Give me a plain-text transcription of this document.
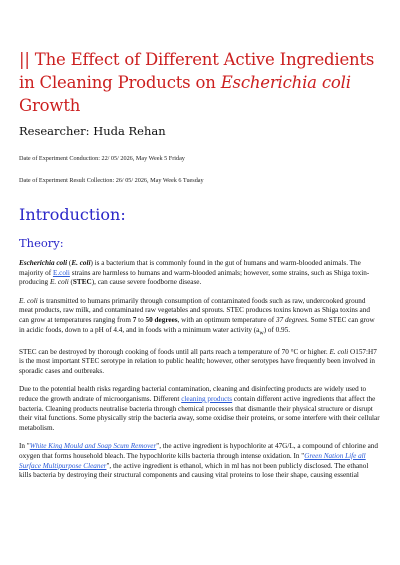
|| The Effect of Different Active Ingredients in Cleaning Products on Escherichia coli Growth
Researcher: Huda Rehan
Date of Experiment Conduction: 22/ 05/ 2026, May Week 5 Friday
Date of Experiment Result Collection: 26/ 05/ 2026, May Week 6 Tuesday
Introduction:
Theory:

Escherichia coli (E. coli) is a bacterium that is commonly found in the gut of humans and warm-blooded animals. The majority of E.coli strains are harmless to humans and warm-blooded animals; however, some strains, such as Shiga toxin-producing E. coli (STEC), can cause severe foodborne disease.

E. coli is transmitted to humans primarily through consumption of contaminated foods such as raw, undercooked ground meat products, raw milk, and contaminated raw vegetables and sprouts. STEC produces toxins known as Shiga toxins and can grow at temperatures ranging from 7 to 50 degrees, with an optimum temperature of 37 degrees. Some STEC can grow in acidic foods, down to a pH of 4.4, and in foods with a minimum water activity $(a_w)$ of 0.95.

STEC can be destroyed by thorough cooking of foods until all parts reach a temperature of 70 °C or higher. E. coli O157:H7 is the most important STEC serotype in relation to public health; however, other serotypes have frequently been involved in sporadic cases and outbreaks.

Due to the potential health risks regarding bacterial contamination, cleaning and disinfecting products are widely used to reduce the growth andrate of microorganisms. Different cleaning products contain different active ingredients that affect the bacteria. Cleaning products neutralise bacteria through chemical processes that dismantle their physical structure or disrupt their vital functions. Some physically strip the bacteria away, some oxidise their proteins, or some interfere with their cellular metabolism.

In "White King Mould and Soap Scum Remover", the active ingredient is hypochlorite at 47G/L, a compound of chlorine and oxygen that forms household bleach. The hypochlorite kills bacteria through intense oxidation. In "Green Nation Life all Surface Multipurpose Cleaner", the active ingredient is ethanol, which in ml has not been publicly disclosed. The ethanol kills bacteria by destroying their structural components and causing vital proteins to lose their shape, causing essential
